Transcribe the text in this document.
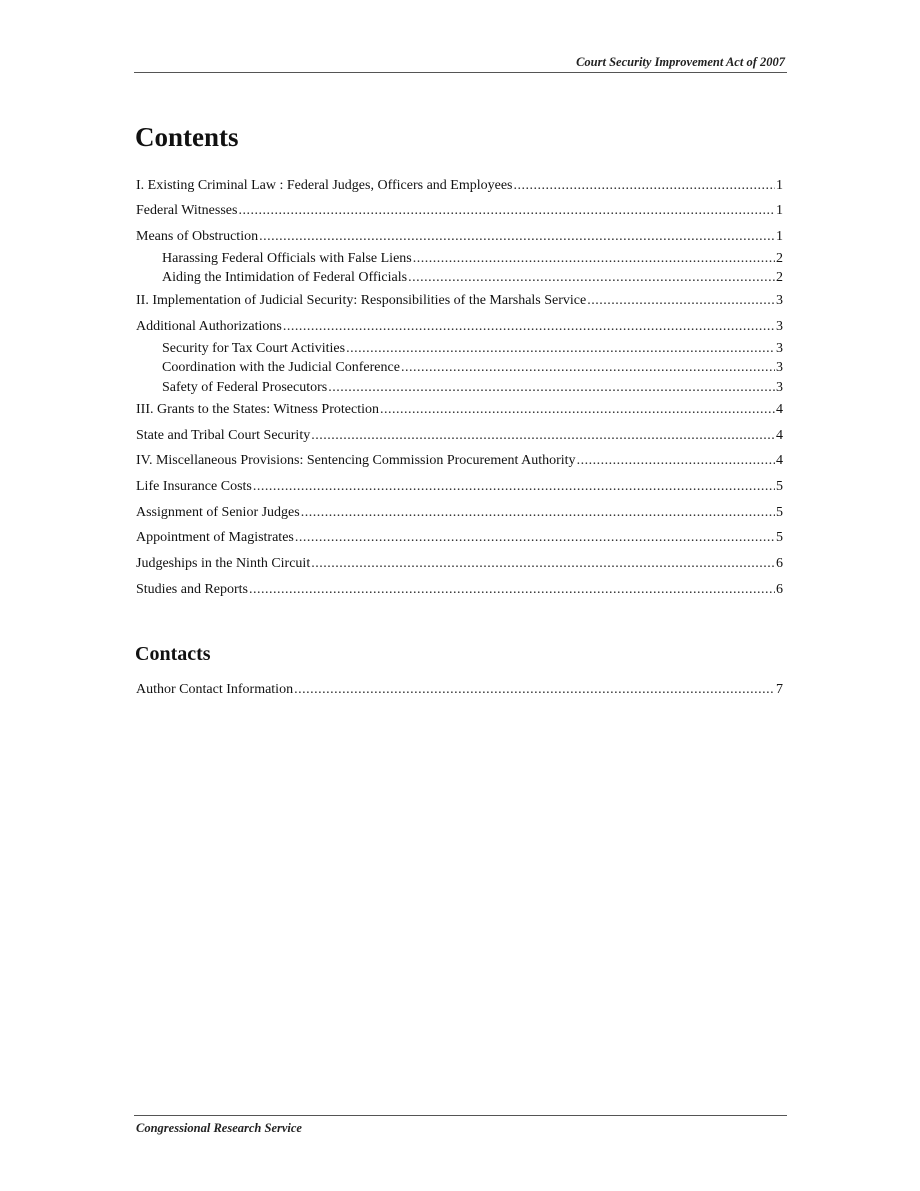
Court Security Improvement Act of 2007
Contents
I. Existing Criminal Law : Federal Judges, Officers and Employees .....	1
Federal Witnesses .....	1
Means of Obstruction .....	1
Harassing Federal Officials with False Liens .....	2
Aiding the Intimidation of Federal Officials .....	2
II. Implementation of Judicial Security: Responsibilities of the Marshals Service .....	3
Additional Authorizations .....	3
Security for Tax Court Activities .....	3
Coordination with the Judicial Conference .....	3
Safety of Federal Prosecutors .....	3
III. Grants to the States: Witness Protection .....	4
State and Tribal Court Security .....	4
IV. Miscellaneous Provisions: Sentencing Commission Procurement Authority .....	4
Life Insurance Costs .....	5
Assignment of Senior Judges .....	5
Appointment of Magistrates .....	5
Judgeships in the Ninth Circuit .....	6
Studies and Reports .....	6
Contacts
Author Contact Information .....	7
Congressional Research Service
